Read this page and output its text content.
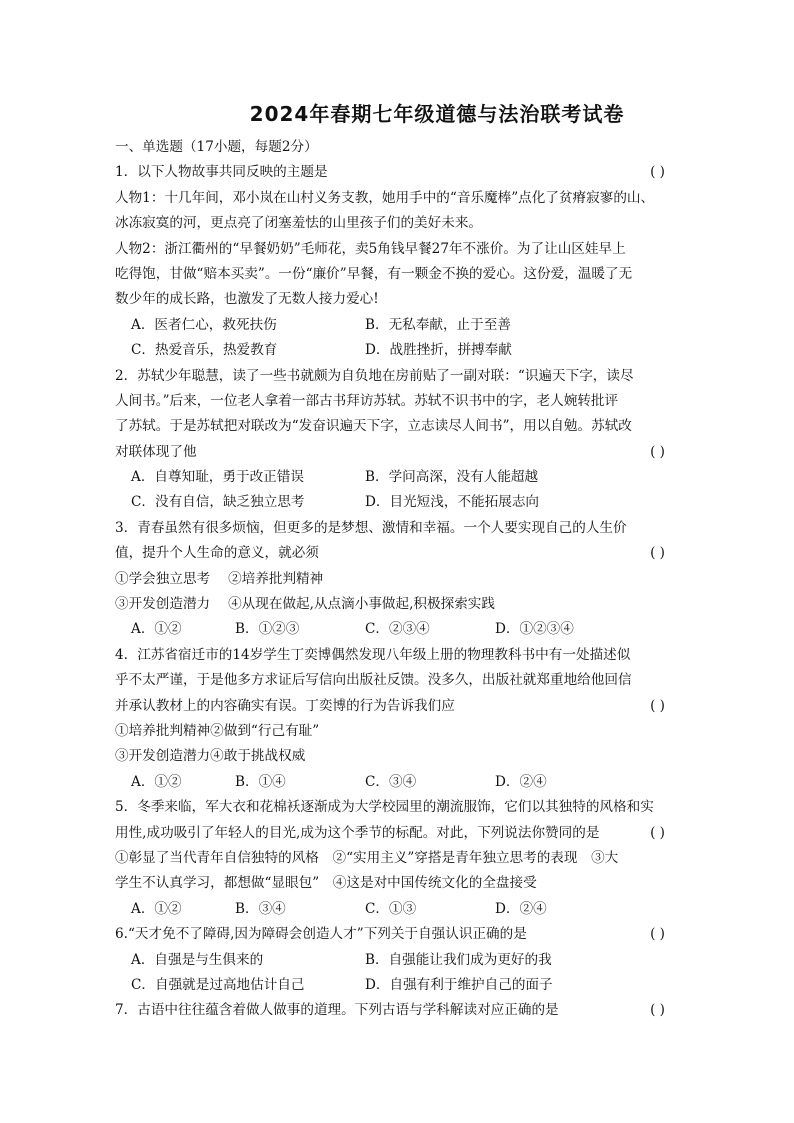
2024年春期七年级道德与法治联考试卷
一、单选题（17小题，每题2分）
1．以下人物故事共同反映的主题是	( )
人物1：十几年间，邓小岚在山村义务支教，她用手中的“音乐魔棒”点化了贫瘠寂寥的山、
冰冻寂寞的河，更点亮了闭塞羞怯的山里孩子们的美好未来。
人物2：浙江衢州的“早餐奶奶”毛师花，卖5角钱早餐27年不涨价。为了让山区娃早上
吃得饱，甘做“赔本买卖”。一份“廉价”早餐，有一颗金不换的爱心。这份爱，温暖了无
数少年的成长路，也激发了无数人接力爱心!
A．医者仁心，救死扶伤	B．无私奉献，止于至善
C．热爱音乐，热爱教育	D．战胜挫折，拼搏奉献
2．苏轼少年聪慧，读了一些书就颇为自负地在房前贴了一副对联：“识遍天下字，读尽
人间书。”后来，一位老人拿着一部古书拜访苏轼。苏轼不识书中的字，老人婉转批评
了苏轼。于是苏轼把对联改为“发奋识遍天下字，立志读尽人间书”，用以自勉。苏轼改
对联体现了他	( )
A．自尊知耻，勇于改正错误	B．学问高深，没有人能超越
C．没有自信，缺乏独立思考	D．目光短浅，不能拓展志向
3．青春虽然有很多烦恼，但更多的是梦想、激情和幸福。一个人要实现自己的人生价
值，提升个人生命的意义，就必须	( )
①学会独立思考　 ②培养批判精神
③开发创造潜力　 ④从现在做起,从点滴小事做起,积极探索实践
A．①②	B．①②③	C．②③④	D．①②③④
4．江苏省宿迁市的14岁学生丁奕博偶然发现八年级上册的物理教科书中有一处描述似
乎不太严谨，于是他多方求证后写信向出版社反馈。没多久，出版社就郑重地给他回信
并承认教材上的内容确实有误。丁奕博的行为告诉我们应	( )
①培养批判精神②做到“行己有耻”
③开发创造潜力④敢于挑战权威
A．①②	B．①④	C．③④	D．②④
5．冬季来临，军大衣和花棉袄逐渐成为大学校园里的潮流服饰，它们以其独特的风格和实
用性,成功吸引了年轻人的目光,成为这个季节的标配。对此，下列说法你赞同的是	( )
①彰显了当代青年自信独特的风格　②“实用主义”穿搭是青年独立思考的表现　③大
学生不认真学习，都想做“显眼包”　④这是对中国传统文化的全盘接受
A．①②	B．③④	C．①③	D．②④
6.“天才免不了障碍,因为障碍会创造人才”下列关于自强认识正确的是	( )
A．自强是与生俱来的	B．自强能让我们成为更好的我
C．自强就是过高地估计自己	D．自强有利于维护自己的面子
7．古语中往往蕴含着做人做事的道理。下列古语与学科解读对应正确的是	( )
